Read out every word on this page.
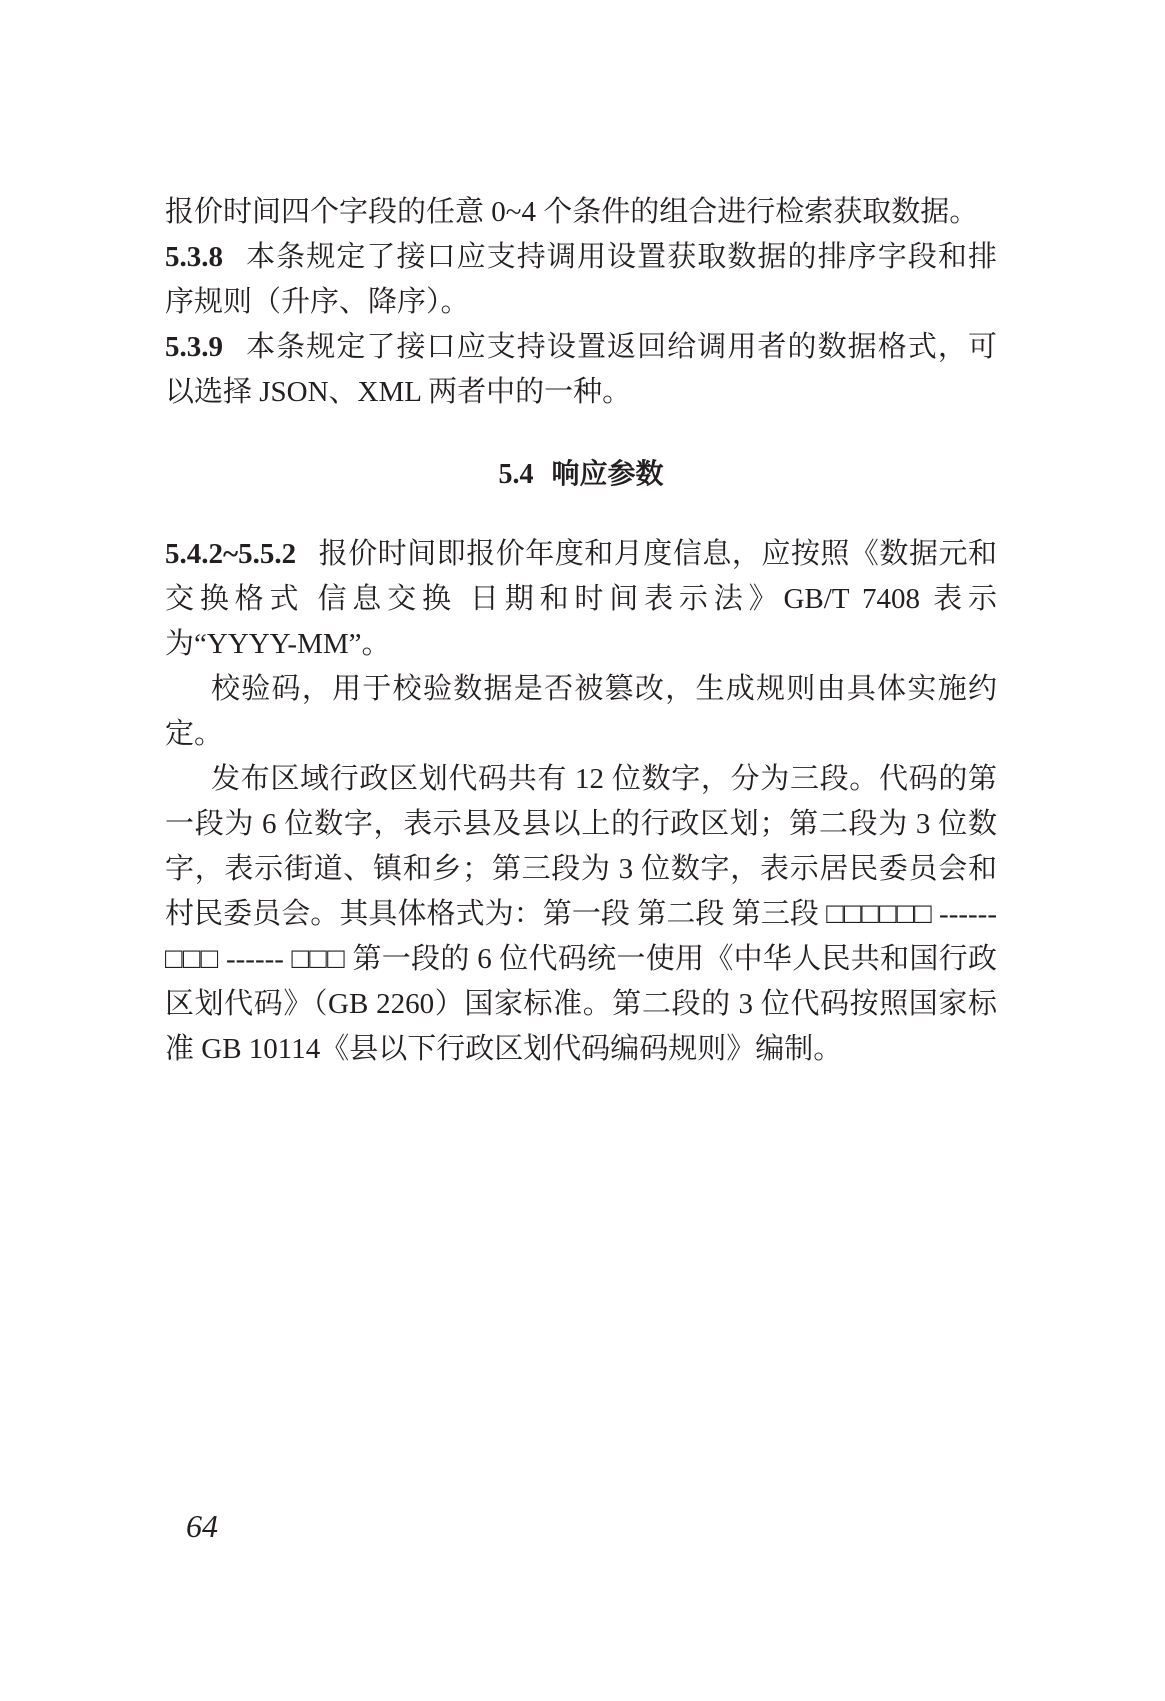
报价时间四个字段的任意 0~4 个条件的组合进行检索获取数据。

5.3.8 本条规定了接口应支持调用设置获取数据的排序字段和排序规则（升序、降序）。

5.3.9 本条规定了接口应支持设置返回给调用者的数据格式，可以选择 JSON、XML 两者中的一种。

5.4 响应参数

5.4.2~5.5.2 报价时间即报价年度和月度信息，应按照《数据元和交换格式 信息交换 日期和时间表示法》GB/T 7408 表示为“YYYY-MM”。

校验码，用于校验数据是否被篡改，生成规则由具体实施约定。

发布区域行政区划代码共有 12 位数字，分为三段。代码的第一段为 6 位数字，表示县及县以上的行政区划；第二段为 3 位数字，表示街道、镇和乡；第三段为 3 位数字，表示居民委员会和村民委员会。其具体格式为：第一段 第二段 第三段 □□□□□□ ------ □□□ ------ □□□ 第一段的 6 位代码统一使用《中华人民共和国行政区划代码》（GB 2260）国家标准。第二段的 3 位代码按照国家标准 GB 10114《县以下行政区划代码编码规则》编制。

64
